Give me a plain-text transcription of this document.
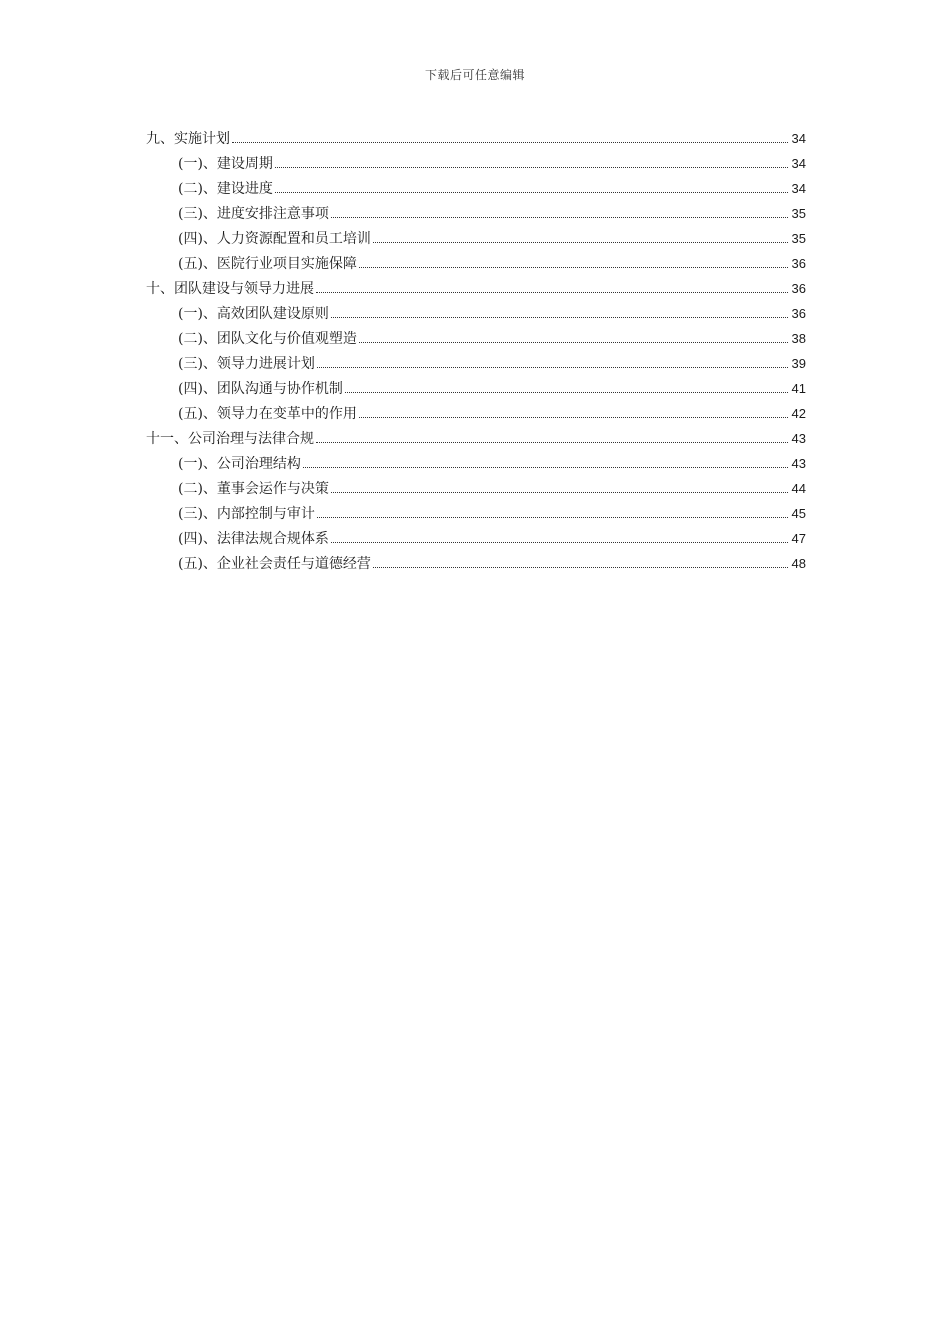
下载后可任意编辑
九、实施计划	34
(一)、建设周期	34
(二)、建设进度	34
(三)、进度安排注意事项	35
(四)、人力资源配置和员工培训	35
(五)、医院行业项目实施保障	36
十、团队建设与领导力进展	36
(一)、高效团队建设原则	36
(二)、团队文化与价值观塑造	38
(三)、领导力进展计划	39
(四)、团队沟通与协作机制	41
(五)、领导力在变革中的作用	42
十一、公司治理与法律合规	43
(一)、公司治理结构	43
(二)、董事会运作与决策	44
(三)、内部控制与审计	45
(四)、法律法规合规体系	47
(五)、企业社会责任与道德经营	48
